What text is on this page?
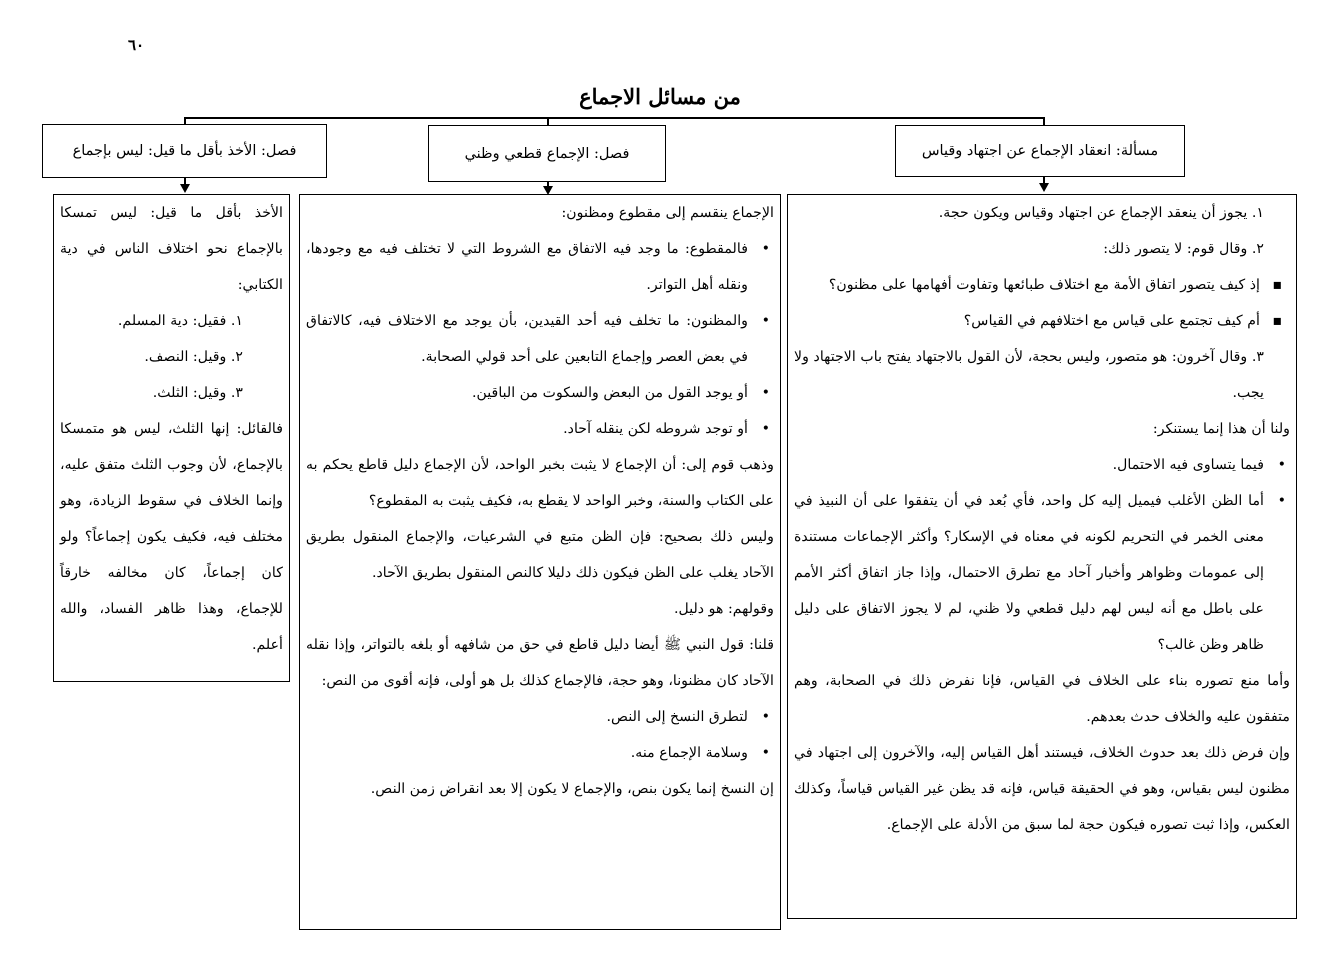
٦٠
من مسائل الاجماع
فصل: الأخذ بأقل ما قيل: ليس بإجماع	فصل: الإجماع قطعي وظني	مسألة: انعقاد الإجماع عن اجتهاد وقياس

١. يجوز أن ينعقد الإجماع عن اجتهاد وقياس ويكون حجة.

٢. وقال قوم: لا يتصور ذلك:

▪
إذ كيف يتصور اتفاق الأمة مع اختلاف طبائعها وتفاوت أفهامها على مظنون؟

▪
أم كيف تجتمع على قياس مع اختلافهم في القياس؟

٣. وقال آخرون: هو متصور، وليس بحجة، لأن القول بالاجتهاد يفتح باب الاجتهاد ولا يجب.

ولنا أن هذا إنما يستنكر:

•
فيما يتساوى فيه الاحتمال.

•
أما الظن الأغلب فيميل إليه كل واحد، فأي بُعد في أن يتفقوا على أن النبيذ في معنى الخمر في التحريم لكونه في معناه في الإسكار؟ وأكثر الإجماعات مستندة إلى عمومات وظواهر وأخبار آحاد مع تطرق الاحتمال، وإذا جاز اتفاق أكثر الأمم على باطل مع أنه ليس لهم دليل قطعي ولا ظني، لم لا يجوز الاتفاق على دليل ظاهر وظن غالب؟

وأما منع تصوره بناء على الخلاف في القياس، فإنا نفرض ذلك في الصحابة، وهم متفقون عليه والخلاف حدث بعدهم.

وإن فرض ذلك بعد حدوث الخلاف، فيستند أهل القياس إليه، والآخرون إلى اجتهاد في مظنون ليس بقياس، وهو في الحقيقة قياس، فإنه قد يظن غير القياس قياساً، وكذلك العكس، وإذا ثبت تصوره فيكون حجة لما سبق من الأدلة على الإجماع.

الإجماع ينقسم إلى مقطوع ومظنون:

•
فالمقطوع: ما وجد فيه الاتفاق مع الشروط التي لا تختلف فيه مع وجودها، ونقله أهل التواتر.

•
والمظنون: ما تخلف فيه أحد القيدين، بأن يوجد مع الاختلاف فيه، كالاتفاق في بعض العصر وإجماع التابعين على أحد قولي الصحابة.

•
أو يوجد القول من البعض والسكوت من الباقين.

•
أو توجد شروطه لكن ينقله آحاد.

وذهب قوم إلى: أن الإجماع لا يثبت بخبر الواحد، لأن الإجماع دليل قاطع يحكم به على الكتاب والسنة، وخبر الواحد لا يقطع به، فكيف يثبت به المقطوع؟

وليس ذلك بصحيح: فإن الظن متبع في الشرعيات، والإجماع المنقول بطريق الآحاد يغلب على الظن فيكون ذلك دليلا كالنص المنقول بطريق الآحاد.

وقولهم: هو دليل.

قلنا: قول النبي ﷺ أيضا دليل قاطع في حق من شافهه أو بلغه بالتواتر، وإذا نقله الآحاد كان مظنونا، وهو حجة، فالإجماع كذلك بل هو أولى، فإنه أقوى من النص:

•
لتطرق النسخ إلى النص.

•
وسلامة الإجماع منه.

إن النسخ إنما يكون بنص، والإجماع لا يكون إلا بعد انقراض زمن النص.

الأخذ بأقل ما قيل: ليس تمسكا بالإجماع نحو اختلاف الناس في دية الكتابي:

١. فقيل: دية المسلم.

٢. وقيل: النصف.

٣. وقيل: الثلث.

فالقائل: إنها الثلث، ليس هو متمسكا بالإجماع، لأن وجوب الثلث متفق عليه، وإنما الخلاف في سقوط الزيادة، وهو مختلف فيه، فكيف يكون إجماعاً؟ ولو كان إجماعاً، كان مخالفه خارقاً للإجماع، وهذا ظاهر الفساد، والله أعلم.
